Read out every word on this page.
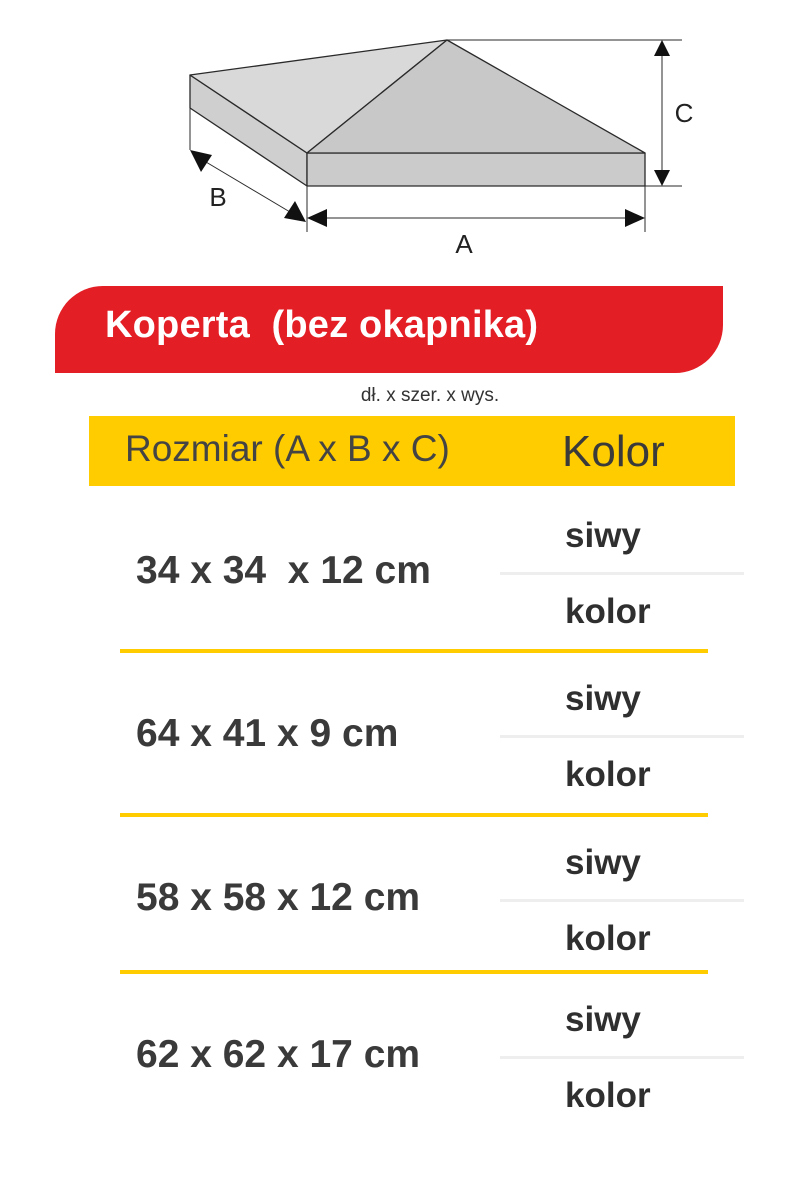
A
B
C
Koperta  (bez okapnika)
dł. x szer. x wys.
Rozmiar (A x B x C)	Kolor
34 x 34  x 12 cm
siwy
kolor
64 x 41 x 9 cm
siwy
kolor
58 x 58 x 12 cm
siwy
kolor
62 x 62 x 17 cm
siwy
kolor
